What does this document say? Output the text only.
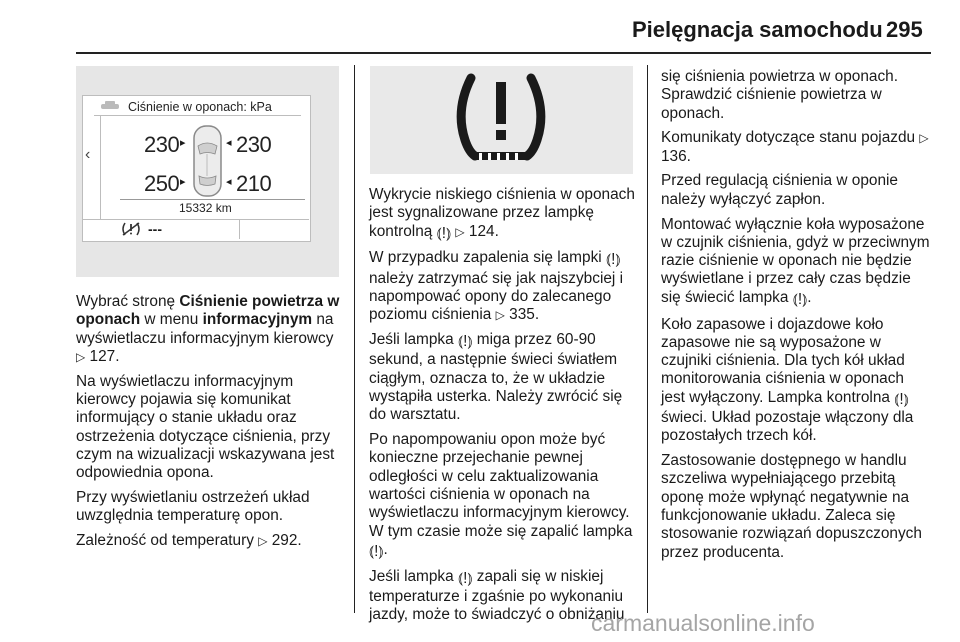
Pielęgnacja samochodu 295
Ciśnienie w oponach: kPa
‹ 230 ▸	◂ 230
250 ▸	◂ 210
15332 km
---

Wybrać stronę Ciśnienie powietrza w oponach w menu informacyjnym na wyświetlaczu informacyjnym kierowcy ▷ 127.

Na wyświetlaczu informacyjnym kierowcy pojawia się komunikat informujący o stanie układu oraz ostrzeżenia dotyczące ciśnienia, przy czym na wizualizacji wskazywana jest odpowiednia opona.

Przy wyświetlaniu ostrzeżeń układ uwzględnia temperaturę opon.

Zależność od temperatury ▷ 292.

Wykrycie niskiego ciśnienia w oponach jest sygnalizowane przez lampkę kontrolną ⦅!⦆ ▷ 124.

W przypadku zapalenia się lampki ⦅!⦆ należy zatrzymać się jak najszybciej i napompować opony do zalecanego poziomu ciśnienia ▷ 335.

Jeśli lampka ⦅!⦆ miga przez 60-90 sekund, a następnie świeci światłem ciągłym, oznacza to, że w układzie wystąpiła usterka. Należy zwrócić się do warsztatu.

Po napompowaniu opon może być konieczne przejechanie pewnej odległości w celu zaktualizowania wartości ciśnienia w oponach na wyświetlaczu informacyjnym kierowcy. W tym czasie może się zapalić lampka ⦅!⦆.

Jeśli lampka ⦅!⦆ zapali się w niskiej temperaturze i zgaśnie po wykonaniu jazdy, może to świadczyć o obniżaniu

się ciśnienia powietrza w oponach. Sprawdzić ciśnienie powietrza w oponach.

Komunikaty dotyczące stanu pojazdu ▷ 136.

Przed regulacją ciśnienia w oponie należy wyłączyć zapłon.

Montować wyłącznie koła wyposażone w czujnik ciśnienia, gdyż w przeciwnym razie ciśnienie w oponach nie będzie wyświetlane i przez cały czas będzie się świecić lampka ⦅!⦆.

Koło zapasowe i dojazdowe koło zapasowe nie są wyposażone w czujniki ciśnienia. Dla tych kół układ monitorowania ciśnienia w oponach jest wyłączony. Lampka kontrolna ⦅!⦆ świeci. Układ pozostaje włączony dla pozostałych trzech kół.

Zastosowanie dostępnego w handlu szczeliwa wypełniającego przebitą oponę może wpłynąć negatywnie na funkcjonowanie układu. Zaleca się stosowanie rozwiązań dopuszczonych przez producenta.

carmanualsonline.info
